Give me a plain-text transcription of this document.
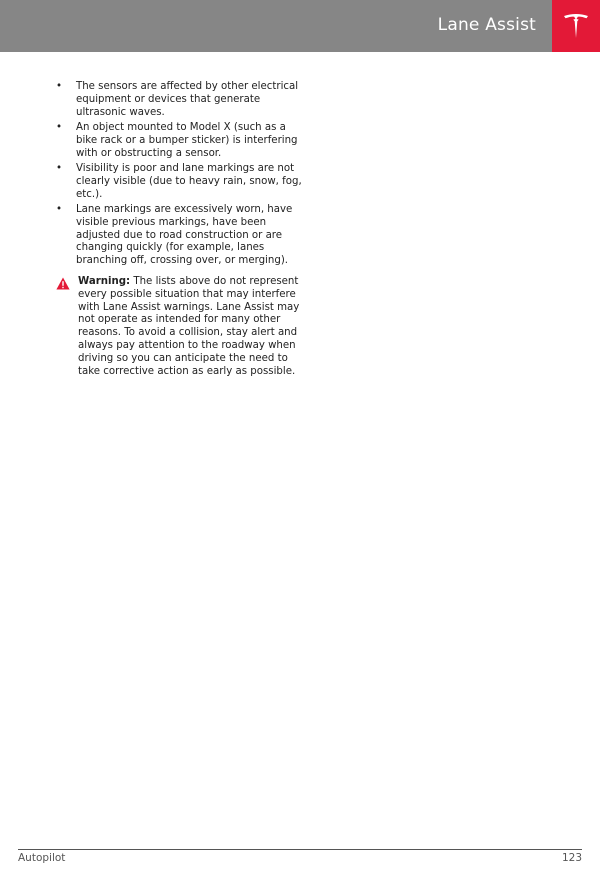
Lane Assist
• The sensors are affected by other electrical equipment or devices that generate ultrasonic waves.
• An object mounted to Model X (such as a bike rack or a bumper sticker) is interfering with or obstructing a sensor.
• Visibility is poor and lane markings are not clearly visible (due to heavy rain, snow, fog, etc.).
• Lane markings are excessively worn, have visible previous markings, have been adjusted due to road construction or are changing quickly (for example, lanes branching off, crossing over, or merging).
Warning: The lists above do not represent every possible situation that may interfere with Lane Assist warnings. Lane Assist may not operate as intended for many other reasons. To avoid a collision, stay alert and always pay attention to the roadway when driving so you can anticipate the need to take corrective action as early as possible.
Autopilot	123
